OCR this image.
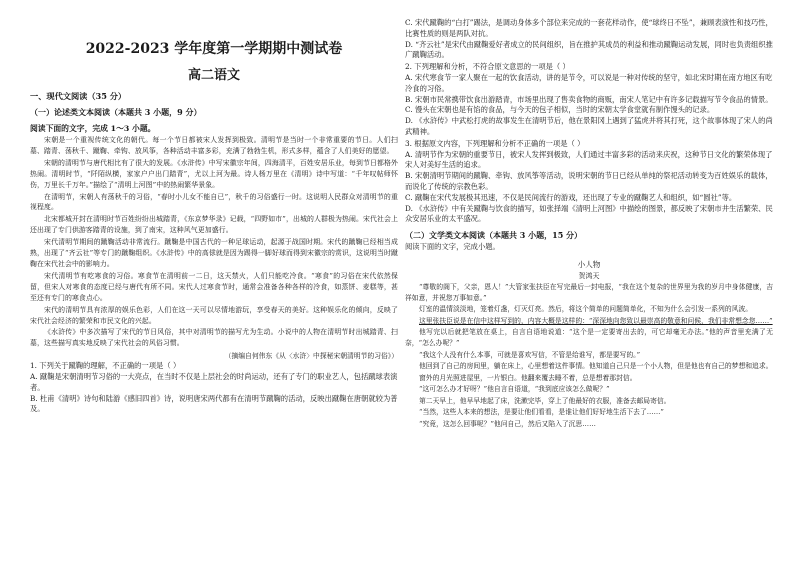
2022-2023 学年度第一学期期中测试卷
高二语文
一、现代文阅读（35 分）
（一）论述类文本阅读（本题共 3 小题，9 分）
阅读下面的文字，完成 1～3 小题。

宋朝是一个重视传统文化的朝代。每一个节日都被宋人发挥到极致。清明节是当时一个非常重要的节日。人们扫墓、踏青、荡秋千、蹴鞠、牵钩、放风筝，各种活动丰富多彩，充满了勃勃生机，形式多样，蕴含了人们美好的愿望。

宋朝的清明节与唐代相比有了很大的发展。《水浒传》中写宋徽宗年间，四海清平，百姓安居乐业，每到节日都格外热闹。清明时节，“阡陌纵横，家家户户出门踏青”，尤以上河为最。诗人杨万里在《清明》诗中写道：“千年叹帖师怀伤，万里长千万年。”描绘了“清明上河图”中的热闹繁华景象。

在清明节，宋朝人有荡秋千的习俗，“春时小儿女不能自已”，秋千的习俗盛行一时。这说明人民群众对清明节的重视程度。

北宋都城开封在清明时节百姓纷纷出城踏青，《东京梦华录》记载，“四野如市”，出城的人群极为热闹。宋代社会上还出现了专门供游客踏青的设施，到了南宋，这种风气更加盛行。

宋代清明节期间的蹴鞠活动非常流行。蹴鞠是中国古代的一种足球运动，起源于战国时期。宋代的蹴鞠已经相当成熟，出现了“齐云社”等专门的蹴鞠组织。《水浒传》中的高俅就是因为踢得一脚好球而得到宋徽宗的赏识，这说明当时蹴鞠在宋代社会中的影响力。

宋代清明节有吃寒食的习俗。寒食节在清明前一二日，这天禁火，人们只能吃冷食。“寒食”的习俗在宋代依然保留，但宋人对寒食的态度已经与唐代有所不同。宋代人过寒食节时，通常会准备各种各样的冷食，如蒸饼、麦糕等，甚至还有专门的寒食点心。

宋代的清明节具有浓厚的娱乐色彩，人们在这一天可以尽情地游玩，享受春天的美好。这种娱乐化的倾向，反映了宋代社会经济的繁荣和市民文化的兴起。

《水浒传》中多次描写了宋代的节日风俗，其中对清明节的描写尤为生动。小说中的人物在清明节时出城踏青、扫墓，这些描写真实地反映了宋代社会的风俗习惯。

（摘编自何伟东《从〈水浒〉中探秘宋朝清明节的习俗》）

1. 下列关于蹴鞠的理解，不正确的一项是（ ）

A. 蹴鞠是宋朝清明节习俗的一大亮点，在当时不仅是上层社会的时尚运动，还有了专门的职业艺人，包括蹴球表演者。

B. 杜甫《清明》诗句和陆游《感旧四首》诗，说明唐宋两代都有在清明节蹴鞠的活动，反映出蹴鞠在唐朝就较为普及。

C. 宋代蹴鞠的“白打”踢法，是调动身体多个部位来完成的一套花样动作，使“球终日不坠”，兼顾表演性和技巧性，比赛性质的则是两队对抗。

D. “齐云社”是宋代由蹴鞠爱好者成立的民间组织，旨在推护其成员的利益和推动蹴鞠运动发展，同时也负责组织推广蹴鞠活动。

2. 下列理解和分析，不符合原文意思的一项是（ ）

A. 宋代寒食节一家人聚在一起的饮食活动，讲的是节令，可以说是一种对传统的坚守，如北宋时期在南方地区有吃冷食的习俗。

B. 宋朝市民常携带饮食出游踏青，市场里出现了售卖食物的商贩，南宋人笔记中有许多记载描写节令食品的情景。

C. 馒头在宋朝也是有馅的食品，与今天的包子相似，当时的宋朝太学食堂就有制作馒头的记录。

D. 《水浒传》中武松打虎的故事发生在清明节后，他在景阳冈上遇到了猛虎并将其打死，这个故事体现了宋人的尚武精神。

3. 根据原文内容，下列理解和分析不正确的一项是（ ）

A. 清明节作为宋朝的重要节日，被宋人发挥到极致，人们通过丰富多彩的活动来庆祝，这种节日文化的繁荣体现了宋人对美好生活的追求。

B. 宋朝清明节期间的蹴鞠、牵钩、放风筝等活动，说明宋朝的节日已经从单纯的祭祀活动转变为百姓娱乐的载体，而说化了传统的宗教色彩。

C. 蹴鞠在宋代发展极其迅速，不仅是民间流行的游戏，还出现了专业的蹴鞠艺人和组织，如“圆社”等。

D. 《水浒传》中有关蹴鞠与饮食的描写，如张择端《清明上河图》中描绘的图景，都反映了宋朝市井生活繁荣、民众安居乐业的太平盛况。

（二）文学类文本阅读（本题共 3 小题，15 分）
阅读下面的文字，完成小题。
小人物
贺鸿天

“尊敬的阁下，父亲，恩人！”大管家张扶臣在写完最后一封电报，“我在这个复杂的世界里为我的岁月中身体健康，吉祥如意，并祝您万事如意。”

灯室的温情淡淡地，笼着灯盏，灯灭灯亮。然后，将这个简单的问题简单化，不知为什么会引发一系列的风波。

这里张扶臣说是在信中这样写到的，内容大概是这样的：“深深地向您致以最崇高的敬意和问候，我们非常想念您……”

他写完以后就把笔放在桌上，自言自语地说道：“这个是一定要寄出去的，可它却毫无办法。”他的声音里充满了无奈，“怎么办呢？”

“我这个人没有什么本事，可就是喜欢写信，不管是给谁写，都是要写的。”

他回到了自己的房间里，躺在床上，心里想着这件事情。他知道自己只是一个小人物，但是他也有自己的梦想和追求。

窗外的月光照进屋里，一片银白。他翻来覆去睡不着，总是想着那封信。

“这可怎么办才好呀？”他自言自语道，“我到底应该怎么做呢？”

第二天早上，他早早地起了床，洗漱完毕，穿上了他最好的衣服，准备去邮局寄信。

“当然，这些人本来的想法，是要让他们看看，是谁让他们好好地生活下去了……”

“究竟，这怎么回事呢？”他问自己，然后又陷入了沉思……
